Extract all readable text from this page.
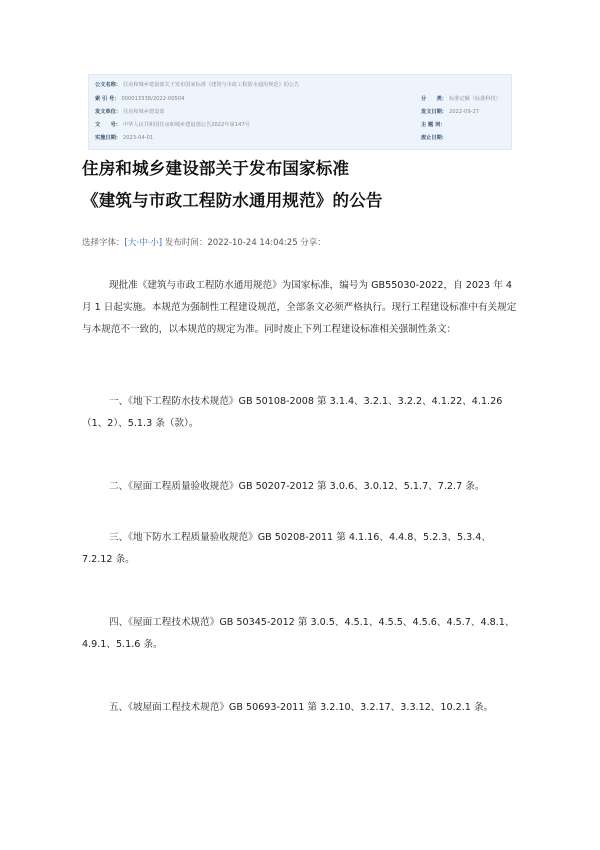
公文名称： 住房和城乡建设部关于发布国家标准《建筑与市政工程防水通用规范》的公告
索 引 号： 000013338/2022-00504
发文单位： 住房和城乡建设部
文　　号： 中华人民共和国住房和城乡建设部公告2022年第147号
实施日期： 2023-04-01
分　　类： 标准定额（标准科技）
发文日期： 2022-09-27
主 题 词：
废止日期：
住房和城乡建设部关于发布国家标准
《建筑与市政工程防水通用规范》的公告
选择字体：[大·中·小] 发布时间：2022-10-24 14:04:25 分享：

现批准《建筑与市政工程防水通用规范》为国家标准，编号为 GB55030-2022，自 2023 年 4 月 1 日起实施。本规范为强制性工程建设规范，全部条文必须严格执行。现行工程建设标准中有关规定与本规范不一致的，以本规范的规定为准。同时废止下列工程建设标准相关强制性条文：

一、《地下工程防水技术规范》GB 50108-2008 第 3.1.4、3.2.1、3.2.2、4.1.22、4.1.26（1、2）、5.1.3 条（款）。

二、《屋面工程质量验收规范》GB 50207-2012 第 3.0.6、3.0.12、5.1.7、7.2.7 条。

三、《地下防水工程质量验收规范》GB 50208-2011 第 4.1.16、4.4.8、5.2.3、5.3.4、7.2.12 条。

四、《屋面工程技术规范》GB 50345-2012 第 3.0.5、4.5.1、4.5.5、4.5.6、4.5.7、4.8.1、4.9.1、5.1.6 条。

五、《坡屋面工程技术规范》GB 50693-2011 第 3.2.10、3.2.17、3.3.12、10.2.1 条。
